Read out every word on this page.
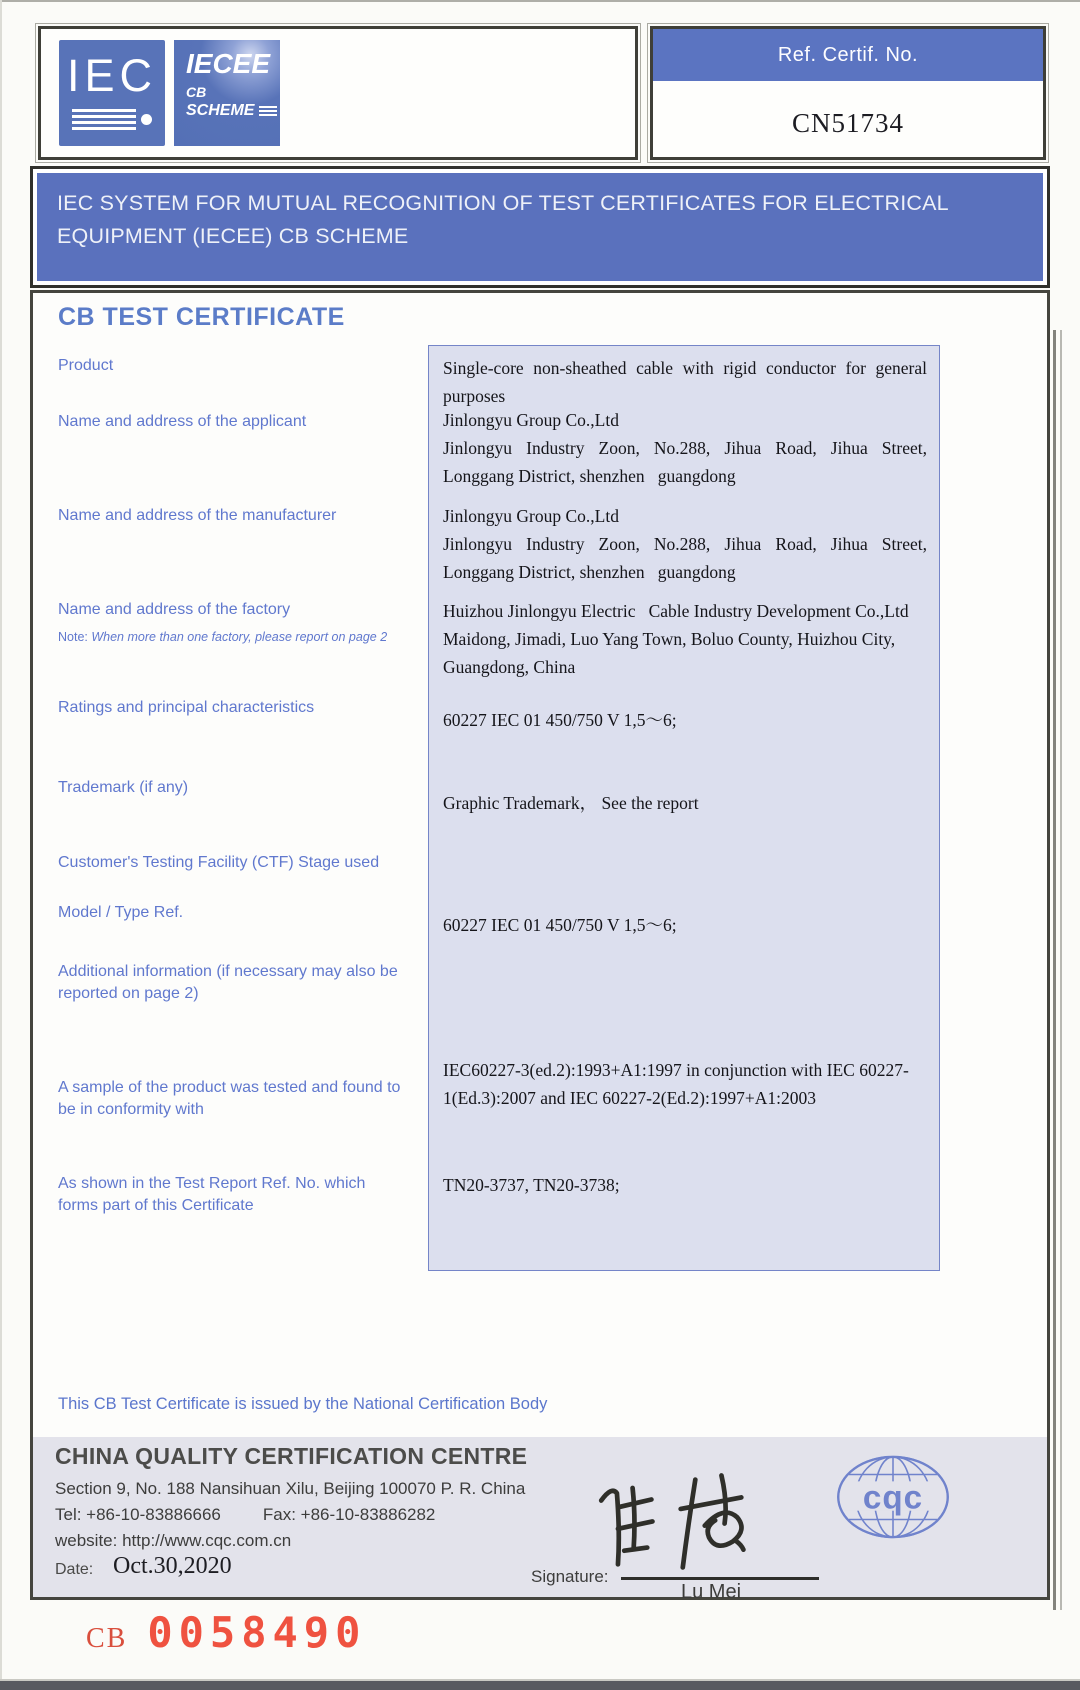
IEC IECEE
CB
SCHEME
Ref. Certif. No.
CN51734
IEC SYSTEM FOR MUTUAL RECOGNITION OF TEST CERTIFICATES FOR ELECTRICAL EQUIPMENT (IECEE) CB SCHEME
CB TEST CERTIFICATE
Product
Name and address of the applicant
Name and address of the manufacturer
Name and address of the factory
Note: When more than one factory, please report on page 2
Ratings and principal characteristics
Trademark (if any)
Customer's Testing Facility (CTF) Stage used
Model / Type Ref.
Additional information (if necessary may also be reported on page 2)
A sample of the product was tested and found to be in conformity with
As shown in the Test Report Ref. No. which forms part of this Certificate
Single-core non-sheathed cable with rigid conductor for general purposes
Jinlongyu Group Co.,Ltd
Jinlongyu Industry Zoon, No.288, Jihua Road, Jihua Street, Longgang District, shenzhen   guangdong
Jinlongyu Group Co.,Ltd
Jinlongyu Industry Zoon, No.288, Jihua Road, Jihua Street, Longgang District, shenzhen   guangdong
Huizhou Jinlongyu Electric   Cable Industry Development Co.,Ltd
Maidong, Jimadi, Luo Yang Town, Boluo County, Huizhou City, Guangdong, China
60227 IEC 01 450/750 V 1,5～6;
Graphic Trademark， See the report
60227 IEC 01 450/750 V 1,5～6;
IEC60227-3(ed.2):1993+A1:1997 in conjunction with IEC 60227-1(Ed.3):2007 and IEC 60227-2(Ed.2):1997+A1:2003
TN20-3737, TN20-3738;
This CB Test Certificate is issued by the National Certification Body
CHINA QUALITY CERTIFICATION CENTRE
Section 9, No. 188 Nansihuan Xilu, Beijing 100070 P. R. China
Tel: +86-10-83886666 Fax: +86-10-83886282
website: http://www.cqc.com.cn
Date: Oct.30,2020	Signature:
Lu Mei
cqc
CB 0058490
